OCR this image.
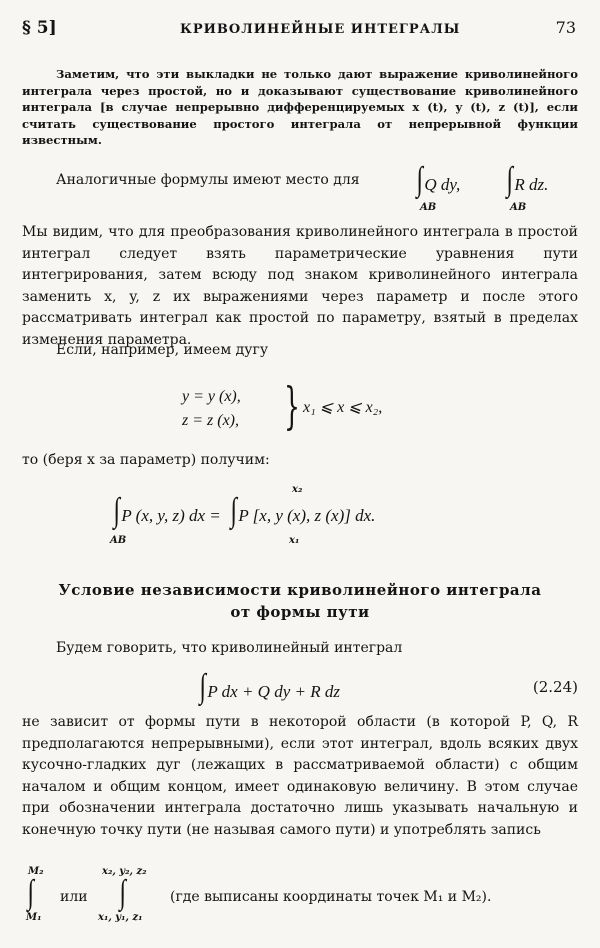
§ 5]	КРИВОЛИНЕЙНЫЕ ИНТЕГРАЛЫ	73
Заметим, что эти выкладки не только дают выражение криволинейного интеграла через простой, но и доказывают существование криволинейного интеграла [в случае непрерывно дифференцируемых x (t), y (t), z (t)], если считать существование простого интеграла от непрерывной функции известным.
Аналогичные формулы имеют место для	∫Q dy,
AB
∫R dz.
AB
Мы видим, что для преобразования криволинейного интеграла в простой интеграл следует взять параметрические уравнения пути интегрирования, затем всюду под знаком криволинейного интеграла заменить x, y, z их выражениями через параметр и после этого рассматривать интеграл как простой по параметру, взятый в пределах изменения параметра.
Если, например, имеем дугу
y = y (x),
z = z (x), } x₁ ⩽ x ⩽ x₂,
то (беря x за параметр) получим:
∫P (x, y, z) dx = ∫P [x, y (x), z (x)] dx.
AB
x₂
x₁
Условие независимости криволинейного интеграла
от формы пути
Будем говорить, что криволинейный интеграл
∫P dx + Q dy + R dz	(2.24)
не зависит от формы пути в некоторой области (в которой P, Q, R предполагаются непрерывными), если этот интеграл, вдоль всяких двух кусочно-гладких дуг (лежащих в рассматриваемой области) с общим началом и общим концом, имеет одинаковую величину. В этом случае при обозначении интеграла достаточно лишь указывать начальную и конечную точку пути (не называя самого пути) и употреблять запись
M₂
∫
M₁
или
x₂, y₂, z₂
∫
x₁, y₁, z₁
(где выписаны координаты точек M₁ и M₂).
